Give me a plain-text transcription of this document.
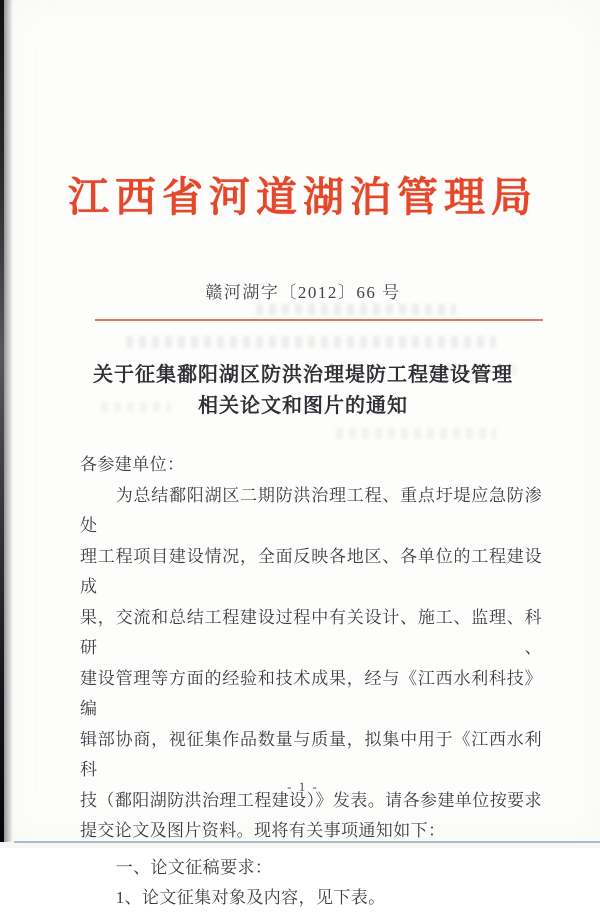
江西省河道湖泊管理局
赣河湖字〔2012〕66 号
关于征集鄱阳湖区防洪治理堤防工程建设管理
相关论文和图片的通知
各参建单位：
为总结鄱阳湖区二期防洪治理工程、重点圩堤应急防渗处
理工程项目建设情况，全面反映各地区、各单位的工程建设成
果，交流和总结工程建设过程中有关设计、施工、监理、科研、
建设管理等方面的经验和技术成果，经与《江西水利科技》编
辑部协商，视征集作品数量与质量，拟集中用于《江西水利科
技（鄱阳湖防洪治理工程建设）》发表。请各参建单位按要求
提交论文及图片资料。现将有关事项通知如下：
一、论文征稿要求：
1、论文征集对象及内容，见下表。
- 1 -
